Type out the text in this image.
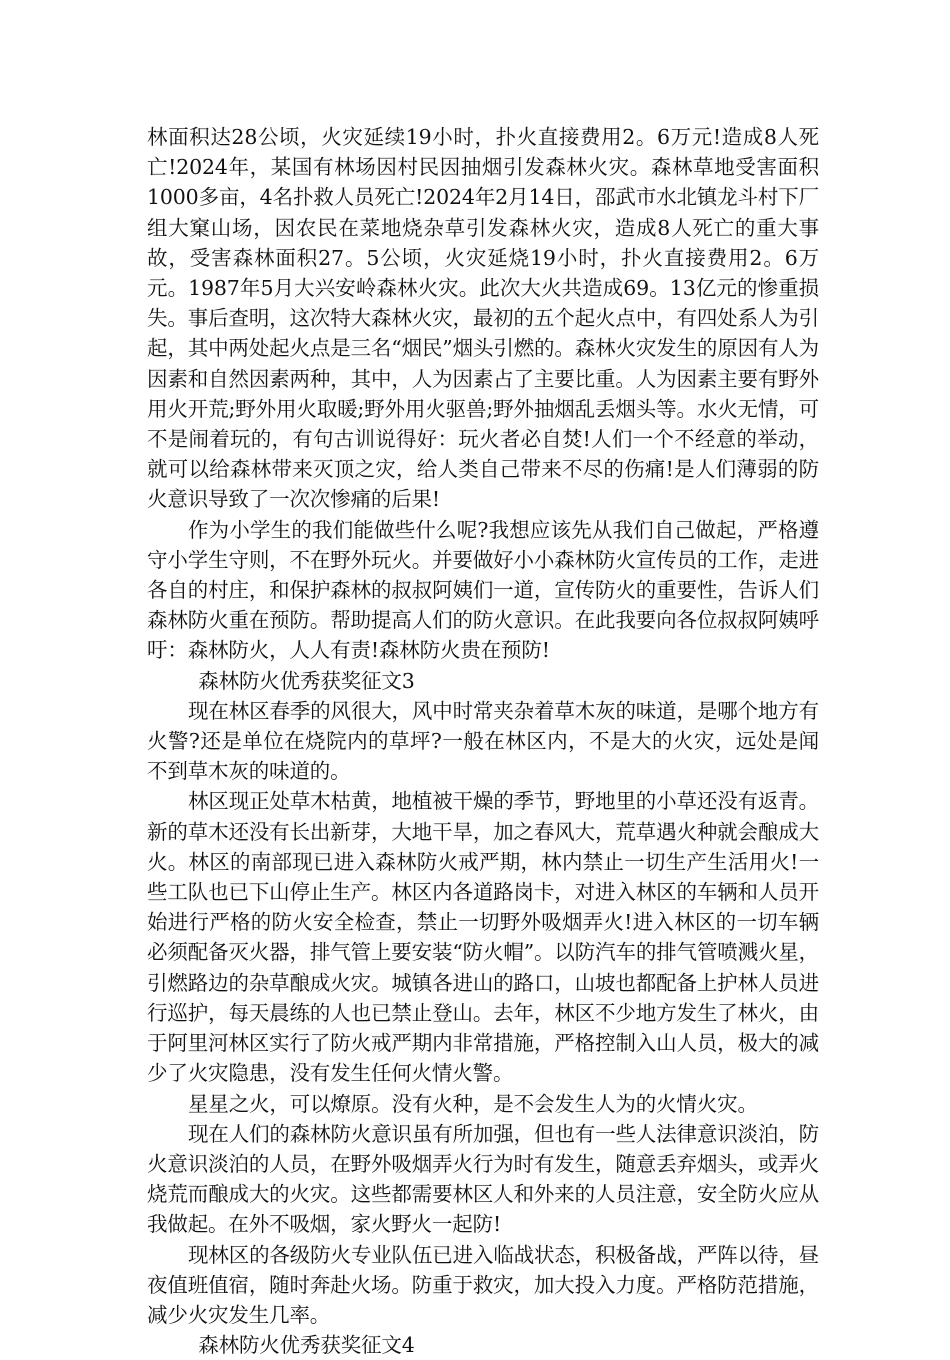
林面积达28公顷，火灾延续19小时，扑火直接费用2。6万元!造成8人死亡!2024年，某国有林场因村民因抽烟引发森林火灾。森林草地受害面积1000多亩，4名扑救人员死亡!2024年2月14日，邵武市水北镇龙斗村下厂组大窠山场，因农民在菜地烧杂草引发森林火灾，造成8人死亡的重大事故，受害森林面积27。5公顷，火灾延烧19小时，扑火直接费用2。6万元。1987年5月大兴安岭森林火灾。此次大火共造成69。13亿元的惨重损失。事后查明，这次特大森林火灾，最初的五个起火点中，有四处系人为引起，其中两处起火点是三名“烟民”烟头引燃的。森林火灾发生的原因有人为因素和自然因素两种，其中，人为因素占了主要比重。人为因素主要有野外用火开荒;野外用火取暖;野外用火驱兽;野外抽烟乱丢烟头等。水火无情，可不是闹着玩的，有句古训说得好：玩火者必自焚!人们一个不经意的举动，就可以给森林带来灭顶之灾，给人类自己带来不尽的伤痛!是人们薄弱的防火意识导致了一次次惨痛的后果!

作为小学生的我们能做些什么呢?我想应该先从我们自己做起，严格遵守小学生守则，不在野外玩火。并要做好小小森林防火宣传员的工作，走进各自的村庄，和保护森林的叔叔阿姨们一道，宣传防火的重要性，告诉人们森林防火重在预防。帮助提高人们的防火意识。在此我要向各位叔叔阿姨呼吁：森林防火，人人有责!森林防火贵在预防!

森林防火优秀获奖征文3

现在林区春季的风很大，风中时常夹杂着草木灰的味道，是哪个地方有火警?还是单位在烧院内的草坪?一般在林区内，不是大的火灾，远处是闻不到草木灰的味道的。

林区现正处草木枯黄，地植被干燥的季节，野地里的小草还没有返青。新的草木还没有长出新芽，大地干旱，加之春风大，荒草遇火种就会酿成大火。林区的南部现已进入森林防火戒严期，林内禁止一切生产生活用火!一些工队也已下山停止生产。林区内各道路岗卡，对进入林区的车辆和人员开始进行严格的防火安全检查，禁止一切野外吸烟弄火!进入林区的一切车辆必须配备灭火器，排气管上要安装“防火帽”。以防汽车的排气管喷溅火星，引燃路边的杂草酿成火灾。城镇各进山的路口，山坡也都配备上护林人员进行巡护，每天晨练的人也已禁止登山。去年，林区不少地方发生了林火，由于阿里河林区实行了防火戒严期内非常措施，严格控制入山人员，极大的减少了火灾隐患，没有发生任何火情火警。

星星之火，可以燎原。没有火种，是不会发生人为的火情火灾。

现在人们的森林防火意识虽有所加强，但也有一些人法律意识淡泊，防火意识淡泊的人员，在野外吸烟弄火行为时有发生，随意丢弃烟头，或弄火烧荒而酿成大的火灾。这些都需要林区人和外来的人员注意，安全防火应从我做起。在外不吸烟，家火野火一起防!

现林区的各级防火专业队伍已进入临战状态，积极备战，严阵以待，昼夜值班值宿，随时奔赴火场。防重于救灾，加大投入力度。严格防范措施，减少火灾发生几率。

森林防火优秀获奖征文4
